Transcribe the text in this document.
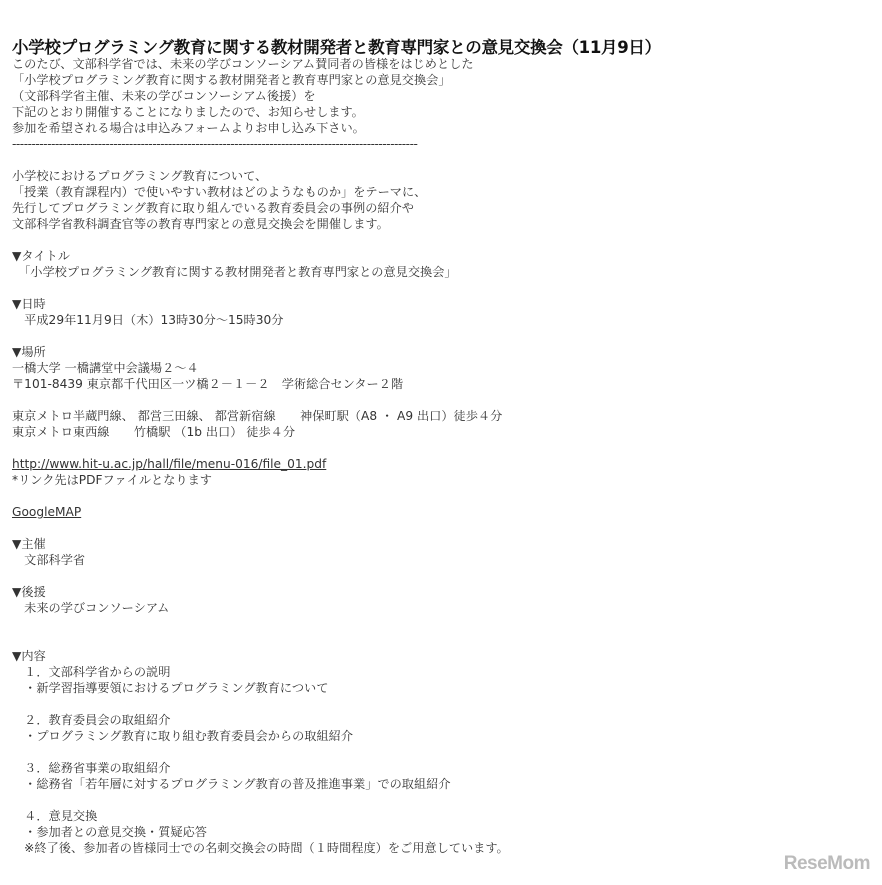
小学校プログラミング教育に関する教材開発者と教育専門家との意見交換会（11月9日）
このたび、文部科学省では、未来の学びコンソーシアム賛同者の皆様をはじめとした
「小学校プログラミング教育に関する教材開発者と教育専門家との意見交換会」
（文部科学省主催、未来の学びコンソーシアム後援）を
下記のとおり開催することになりましたので、お知らせします。
参加を希望される場合は申込みフォームよりお申し込み下さい。
--------------------------------------------------------------------------------------------------------
小学校におけるプログラミング教育について、
「授業（教育課程内）で使いやすい教材はどのようなものか」をテーマに、
先行してプログラミング教育に取り組んでいる教育委員会の事例の紹介や
文部科学省教科調査官等の教育専門家との意見交換会を開催します。
▼タイトル
　「小学校プログラミング教育に関する教材開発者と教育専門家との意見交換会」
▼日時
　平成29年11月9日（木）13時30分～15時30分
▼場所
一橋大学 一橋講堂中会議場２～４
〒101-8439 東京都千代田区一ツ橋２－１－２　学術総合センター２階
東京メトロ半蔵門線、 都営三田線、 都営新宿線　　神保町駅（A8 ・ A9 出口）徒歩４分
東京メトロ東西線　　竹橋駅 （1b 出口） 徒歩４分
http://www.hit-u.ac.jp/hall/file/menu-016/file_01.pdf
*リンク先はPDFファイルとなります
GoogleMAP
▼主催
　文部科学省
▼後援
　未来の学びコンソーシアム
▼内容
　１．文部科学省からの説明
　・新学習指導要領におけるプログラミング教育について
　２．教育委員会の取組紹介
　・プログラミング教育に取り組む教育委員会からの取組紹介
　３．総務省事業の取組紹介
　・総務省「若年層に対するプログラミング教育の普及推進事業」での取組紹介
　４．意見交換
　・参加者との意見交換・質疑応答
　※終了後、参加者の皆様同士での名刺交換会の時間（１時間程度）をご用意しています。
ReseMom
